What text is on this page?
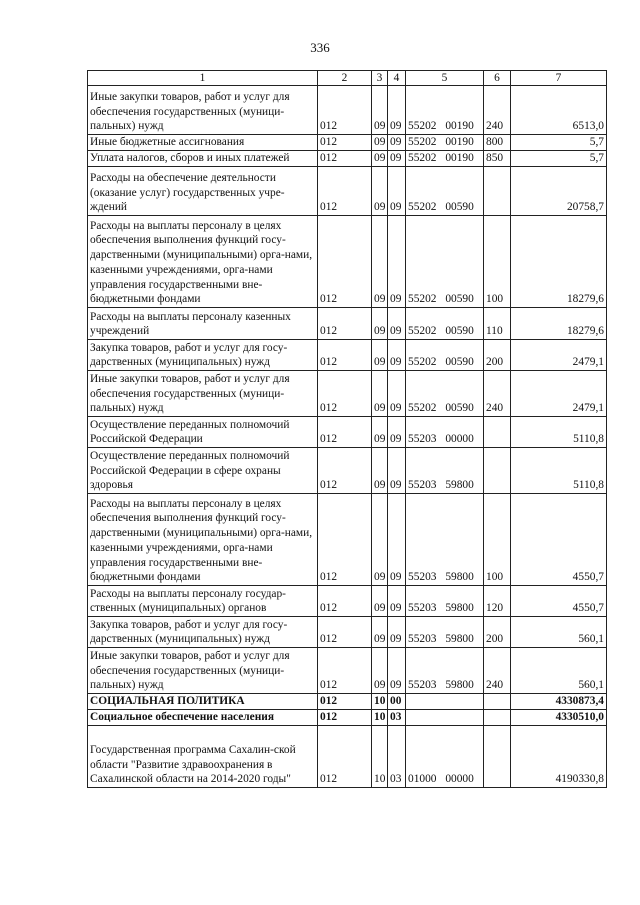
336
1	2	3	4	5	6	7
Иные закупки товаров, работ и услуг для обеспечения государственных (муници-пальных) нужд	012	09	09	55202 00190	240	6513,0
Иные бюджетные ассигнования	012	09	09	55202 00190	800	5,7
Уплата налогов, сборов и иных платежей	012	09	09	55202 00190	850	5,7
Расходы на обеспечение деятельности (оказание услуг) государственных учре-ждений	012	09	09	55202 00590		20758,7
Расходы на выплаты персоналу в целях обеспечения выполнения функций госу-дарственными (муниципальными) орга-нами, казенными учреждениями, орга-нами управления государственными вне-бюджетными фондами	012	09	09	55202 00590	100	18279,6
Расходы на выплаты персоналу казенных учреждений	012	09	09	55202 00590	110	18279,6
Закупка товаров, работ и услуг для госу-дарственных (муниципальных) нужд	012	09	09	55202 00590	200	2479,1
Иные закупки товаров, работ и услуг для обеспечения государственных (муници-пальных) нужд	012	09	09	55202 00590	240	2479,1
Осуществление переданных полномочий Российской Федерации	012	09	09	55203 00000		5110,8
Осуществление переданных полномочий Российской Федерации в сфере охраны здоровья	012	09	09	55203 59800		5110,8
Расходы на выплаты персоналу в целях обеспечения выполнения функций госу-дарственными (муниципальными) орга-нами, казенными учреждениями, орга-нами управления государственными вне-бюджетными фондами	012	09	09	55203 59800	100	4550,7
Расходы на выплаты персоналу государ-ственных (муниципальных) органов	012	09	09	55203 59800	120	4550,7
Закупка товаров, работ и услуг для госу-дарственных (муниципальных) нужд	012	09	09	55203 59800	200	560,1
Иные закупки товаров, работ и услуг для обеспечения государственных (муници-пальных) нужд	012	09	09	55203 59800	240	560,1
СОЦИАЛЬНАЯ ПОЛИТИКА	012	10	00			4330873,4
Социальное обеспечение населения	012	10	03			4330510,0
Государственная программа Сахалин-ской области "Развитие здравоохранения в Сахалинской области на 2014-2020 годы"	012	10	03	01000 00000		4190330,8
